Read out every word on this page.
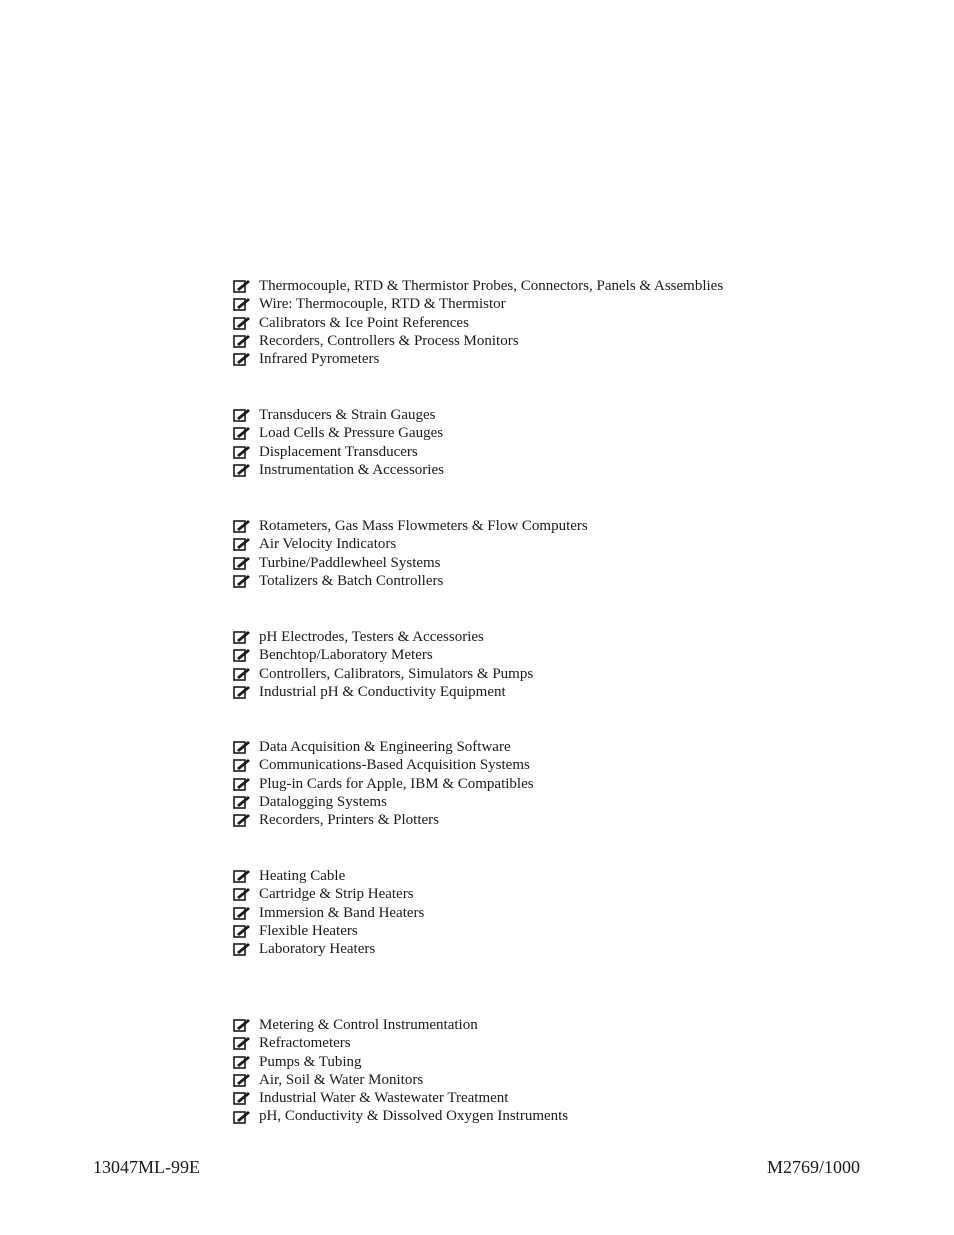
Thermocouple, RTD & Thermistor Probes, Connectors, Panels & Assemblies
Wire: Thermocouple, RTD & Thermistor
Calibrators & Ice Point References
Recorders, Controllers & Process Monitors
Infrared Pyrometers
Transducers & Strain Gauges
Load Cells & Pressure Gauges
Displacement Transducers
Instrumentation & Accessories
Rotameters, Gas Mass Flowmeters & Flow Computers
Air Velocity Indicators
Turbine/Paddlewheel Systems
Totalizers & Batch Controllers
pH Electrodes, Testers & Accessories
Benchtop/Laboratory Meters
Controllers, Calibrators, Simulators & Pumps
Industrial pH & Conductivity Equipment
Data Acquisition & Engineering Software
Communications-Based Acquisition Systems
Plug-in Cards for Apple, IBM & Compatibles
Datalogging Systems
Recorders, Printers & Plotters
Heating Cable
Cartridge & Strip Heaters
Immersion & Band Heaters
Flexible Heaters
Laboratory Heaters
Metering & Control Instrumentation
Refractometers
Pumps & Tubing
Air, Soil & Water Monitors
Industrial Water & Wastewater Treatment
pH, Conductivity & Dissolved Oxygen Instruments
13047ML-99E	M2769/1000
